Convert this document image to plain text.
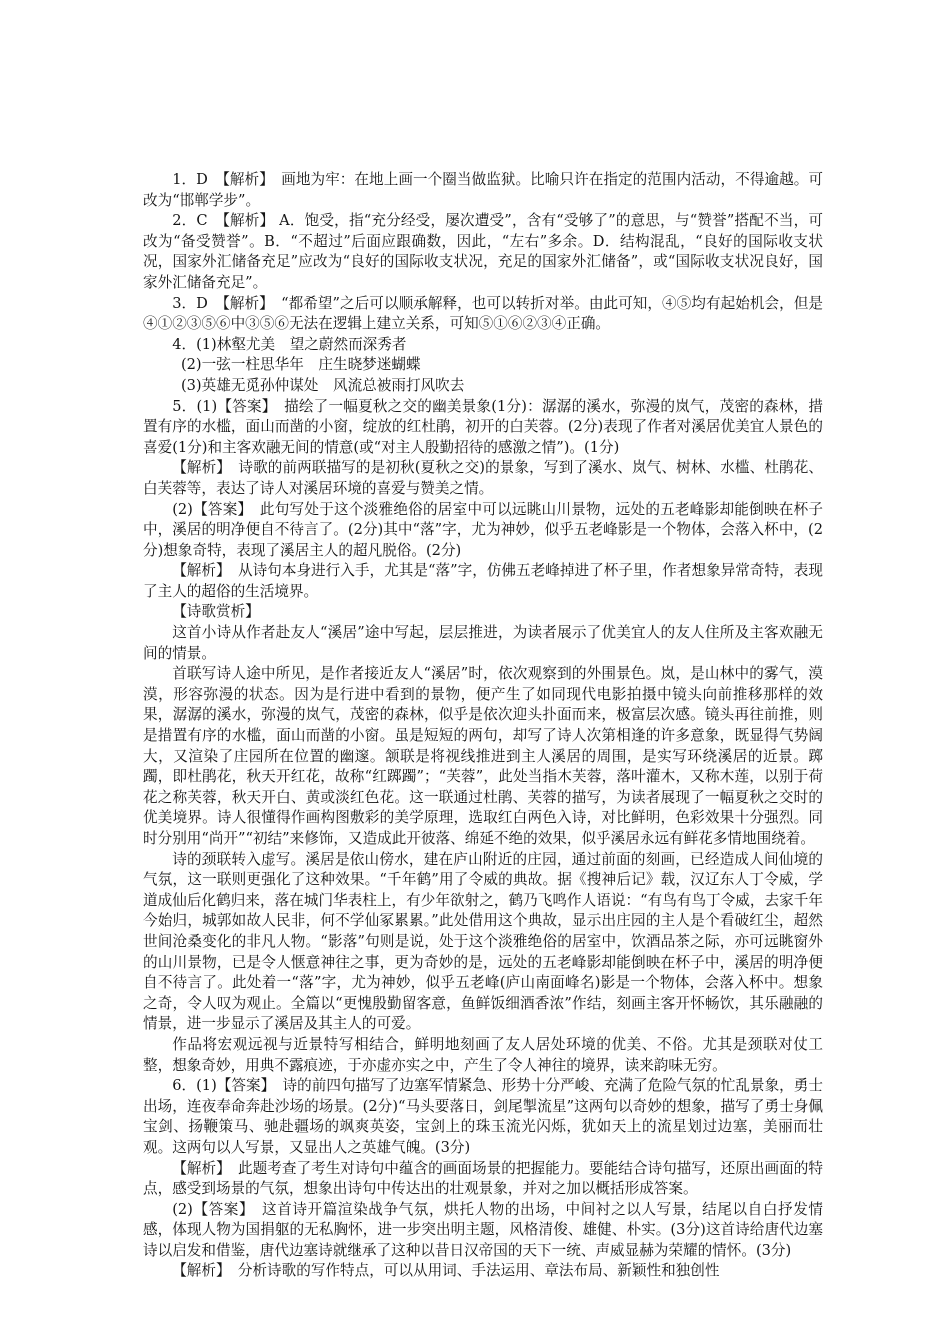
1．D　【解析】　画地为牢：在地上画一个圈当做监狱。比喻只许在指定的范围内活动，不得逾越。可改为“邯郸学步”。

2．C　【解析】 A．饱受，指“充分经受，屡次遭受”，含有“受够了”的意思，与“赞誉”搭配不当，可改为“备受赞誉”。B．“不超过”后面应跟确数，因此，“左右”多余。D．结构混乱，“良好的国际收支状况，国家外汇储备充足”应改为“良好的国际收支状况，充足的国家外汇储备”，或“国际收支状况良好，国家外汇储备充足”。

3．D　【解析】　“都希望”之后可以顺承解释，也可以转折对举。由此可知，④⑤均有起始机会，但是④①②③⑤⑥中③⑤⑥无法在逻辑上建立关系，可知⑤①⑥②③④正确。

4．(1)林壑尤美　望之蔚然而深秀者

(2)一弦一柱思华年　庄生晓梦迷蝴蝶

(3)英雄无觅孙仲谋处　风流总被雨打风吹去

5．(1)【答案】　描绘了一幅夏秋之交的幽美景象(1分)：潺潺的溪水，弥漫的岚气，茂密的森林，措置有序的水槛，面山而凿的小窗，绽放的红杜鹃，初开的白芙蓉。(2分)表现了作者对溪居优美宜人景色的喜爱(1分)和主客欢融无间的情意(或“对主人殷勤招待的感激之情”)。(1分)

【解析】　诗歌的前两联描写的是初秋(夏秋之交)的景象，写到了溪水、岚气、树林、水槛、杜鹃花、白芙蓉等，表达了诗人对溪居环境的喜爱与赞美之情。

(2)【答案】　此句写处于这个淡雅绝俗的居室中可以远眺山川景物，远处的五老峰影却能倒映在杯子中，溪居的明净便自不待言了。(2分)其中“落”字，尤为神妙，似乎五老峰影是一个物体，会落入杯中，(2分)想象奇特，表现了溪居主人的超凡脱俗。(2分)

【解析】　从诗句本身进行入手，尤其是“落”字，仿佛五老峰掉进了杯子里，作者想象异常奇特，表现了主人的超俗的生活境界。

【诗歌赏析】

这首小诗从作者赴友人“溪居”途中写起，层层推进，为读者展示了优美宜人的友人住所及主客欢融无间的情景。

首联写诗人途中所见，是作者接近友人“溪居”时，依次观察到的外围景色。岚，是山林中的雾气，漠漠，形容弥漫的状态。因为是行进中看到的景物，便产生了如同现代电影拍摄中镜头向前推移那样的效果，潺潺的溪水，弥漫的岚气，茂密的森林，似乎是依次迎头扑面而来，极富层次感。镜头再往前推，则是措置有序的水槛，面山而凿的小窗。虽是短短的两句，却写了诗人次第相逢的许多意象，既显得气势阔大，又渲染了庄园所在位置的幽邃。颔联是将视线推进到主人溪居的周围，是实写环绕溪居的近景。踯躅，即杜鹃花，秋天开红花，故称“红踯躅”；“芙蓉”，此处当指木芙蓉，落叶灌木，又称木莲，以别于荷花之称芙蓉，秋天开白、黄或淡红色花。这一联通过杜鹃、芙蓉的描写，为读者展现了一幅夏秋之交时的优美境界。诗人很懂得作画构图敷彩的美学原理，选取红白两色入诗，对比鲜明，色彩效果十分强烈。同时分别用“尚开”“初结”来修饰，又造成此开彼落、绵延不绝的效果，似乎溪居永远有鲜花多情地围绕着。

诗的颈联转入虚写。溪居是依山傍水，建在庐山附近的庄园，通过前面的刻画，已经造成人间仙境的气氛，这一联则更强化了这种效果。“千年鹤”用了令威的典故。据《搜神后记》载，汉辽东人丁令威，学道成仙后化鹤归来，落在城门华表柱上，有少年欲射之，鹤乃飞鸣作人语说：“有鸟有鸟丁令威，去家千年今始归，城郭如故人民非，何不学仙冢累累。”此处借用这个典故，显示出庄园的主人是个看破红尘，超然世间沧桑变化的非凡人物。“影落”句则是说，处于这个淡雅绝俗的居室中，饮酒品茶之际，亦可远眺窗外的山川景物，已是令人惬意神往之事，更为奇妙的是，远处的五老峰影却能倒映在杯子中，溪居的明净便自不待言了。此处着一“落”字，尤为神妙，似乎五老峰(庐山南面峰名)影是一个物体，会落入杯中。想象之奇，令人叹为观止。全篇以“更愧殷勤留客意，鱼鲜饭细酒香浓”作结，刻画主客开怀畅饮，其乐融融的情景，进一步显示了溪居及其主人的可爱。

作品将宏观远视与近景特写相结合，鲜明地刻画了友人居处环境的优美、不俗。尤其是颈联对仗工整，想象奇妙，用典不露痕迹，于亦虚亦实之中，产生了令人神往的境界，读来韵味无穷。

6．(1)【答案】　诗的前四句描写了边塞军情紧急、形势十分严峻、充满了危险气氛的忙乱景象，勇士出场，连夜奉命奔赴沙场的场景。(2分)“马头要落日，剑尾掣流星”这两句以奇妙的想象，描写了勇士身佩宝剑、扬鞭策马、驰赴疆场的飒爽英姿，宝剑上的珠玉流光闪烁，犹如天上的流星划过边塞，美丽而壮观。这两句以人写景，又显出人之英雄气魄。(3分)

【解析】　此题考查了考生对诗句中蕴含的画面场景的把握能力。要能结合诗句描写，还原出画面的特点，感受到场景的气氛，想象出诗句中传达出的壮观景象，并对之加以概括形成答案。

(2)【答案】　这首诗开篇渲染战争气氛，烘托人物的出场，中间衬之以人写景，结尾以自白抒发情感，体现人物为国捐躯的无私胸怀，进一步突出明主题，风格清俊、雄健、朴实。(3分)这首诗给唐代边塞诗以启发和借鉴，唐代边塞诗就继承了这种以昔日汉帝国的天下一统、声威显赫为荣耀的情怀。(3分)

【解析】　分析诗歌的写作特点，可以从用词、手法运用、章法布局、新颖性和独创性
